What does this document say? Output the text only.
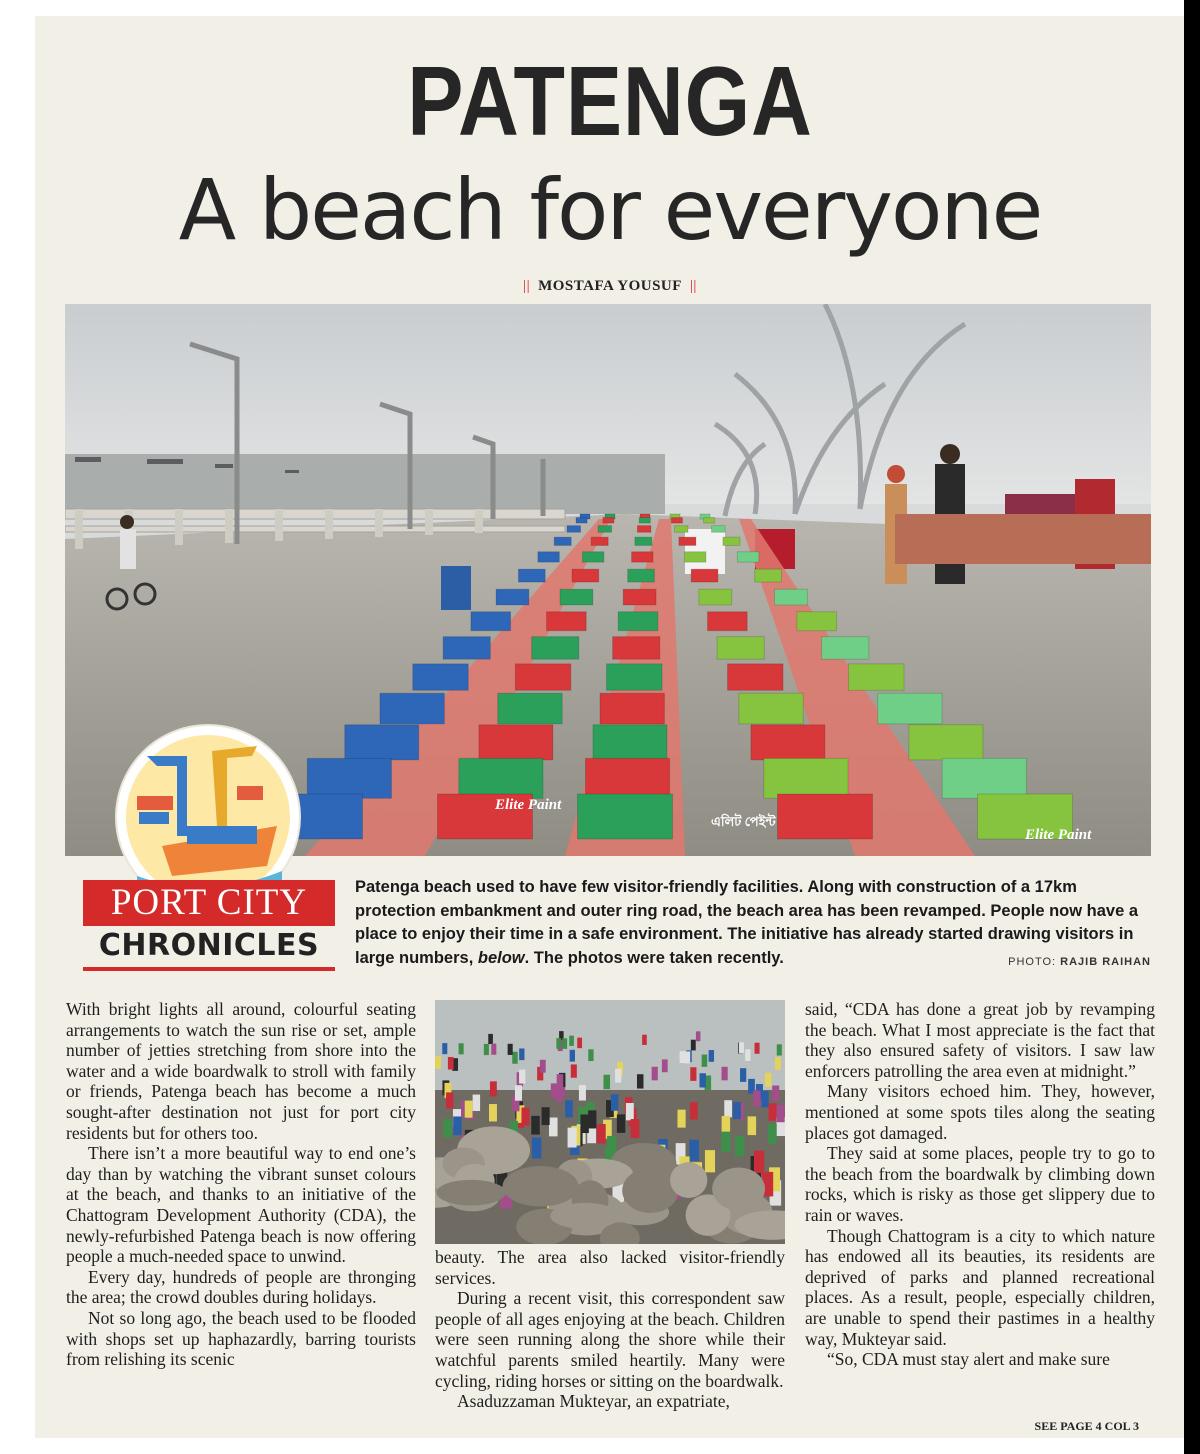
PATENGA
A beach for everyone
|| MOSTAFA YOUSUF ||
Elite Paint
Elite Paint
এলিট পেইন্ট
PORT CITY
CHRONICLES
Patenga beach used to have few visitor-friendly facilities. Along with construction of a 17km protection embankment and outer ring road, the beach area has been revamped. People now have a place to enjoy their time in a safe environment. The initiative has already started drawing visitors in large numbers, below. The photos were taken recently.	PHOTO: RAJIB RAIHAN

With bright lights all around, colourful seating arrangements to watch the sun rise or set, ample number of jetties stretching from shore into the water and a wide boardwalk to stroll with family or friends, Patenga beach has become a much sought-after destination not just for port city residents but for others too.

There isn’t a more beautiful way to end one’s day than by watching the vibrant sunset colours at the beach, and thanks to an initiative of the Chattogram Development Authority (CDA), the newly-refurbished Patenga beach is now offering people a much-needed space to unwind.

Every day, hundreds of people are thronging the area; the crowd doubles during holidays.

Not so long ago, the beach used to be flooded with shops set up haphazardly, barring tourists from relishing its scenic

beauty. The area also lacked visitor-friendly services.

During a recent visit, this correspondent saw people of all ages enjoying at the beach. Children were seen running along the shore while their watchful parents smiled heartily. Many were cycling, riding horses or sitting on the boardwalk.

Asaduzzaman Mukteyar, an expatriate,

said, “CDA has done a great job by revamping the beach. What I most appreciate is the fact that they also ensured safety of visitors. I saw law enforcers patrolling the area even at midnight.”

Many visitors echoed him. They, however, mentioned at some spots tiles along the seating places got damaged.

They said at some places, people try to go to the beach from the boardwalk by climbing down rocks, which is risky as those get slippery due to rain or waves.

Though Chattogram is a city to which nature has endowed all its beauties, its residents are deprived of parks and planned recreational places. As a result, people, especially children, are unable to spend their pastimes in a healthy way, Mukteyar said.

“So, CDA must stay alert and make sure

SEE PAGE 4 COL 3
